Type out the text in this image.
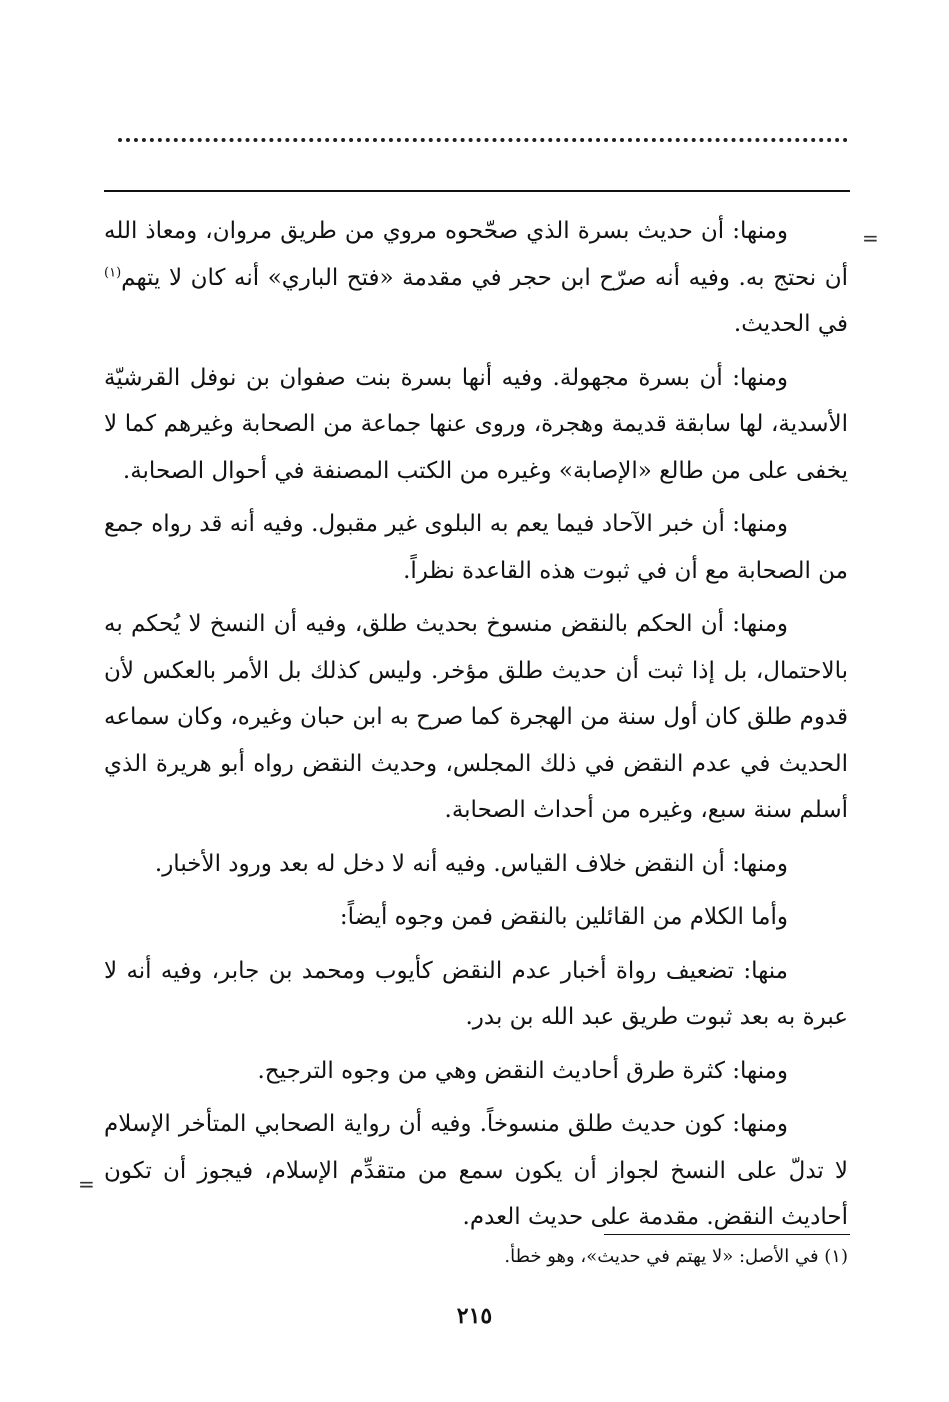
=

ومنها: أن حديث بسرة الذي صحّحوه مروي من طريق مروان، ومعاذ الله أن نحتج به. وفيه أنه صرّح ابن حجر في مقدمة «فتح الباري» أنه كان لا يتهم$^{(١)}$ في الحديث.

ومنها: أن بسرة مجهولة. وفيه أنها بسرة بنت صفوان بن نوفل القرشيّة الأسدية، لها سابقة قديمة وهجرة، وروى عنها جماعة من الصحابة وغيرهم كما لا يخفى على من طالع «الإصابة» وغيره من الكتب المصنفة في أحوال الصحابة.

ومنها: أن خبر الآحاد فيما يعم به البلوى غير مقبول. وفيه أنه قد رواه جمع من الصحابة مع أن في ثبوت هذه القاعدة نظراً.

ومنها: أن الحكم بالنقض منسوخ بحديث طلق، وفيه أن النسخ لا يُحكم به بالاحتمال، بل إذا ثبت أن حديث طلق مؤخر. وليس كذلك بل الأمر بالعكس لأن قدوم طلق كان أول سنة من الهجرة كما صرح به ابن حبان وغيره، وكان سماعه الحديث في عدم النقض في ذلك المجلس، وحديث النقض رواه أبو هريرة الذي أسلم سنة سبع، وغيره من أحداث الصحابة.

ومنها: أن النقض خلاف القياس. وفيه أنه لا دخل له بعد ورود الأخبار.

وأما الكلام من القائلين بالنقض فمن وجوه أيضاً:

منها: تضعيف رواة أخبار عدم النقض كأيوب ومحمد بن جابر، وفيه أنه لا عبرة به بعد ثبوت طريق عبد الله بن بدر.

ومنها: كثرة طرق أحاديث النقض وهي من وجوه الترجيح.

ومنها: كون حديث طلق منسوخاً. وفيه أن رواية الصحابي المتأخر الإسلام لا تدلّ على النسخ لجواز أن يكون سمع من متقدِّم الإسلام، فيجوز أن تكون أحاديث النقض. مقدمة على حديث العدم.

=
(١) في الأصل: «لا يهتم في حديث»، وهو خطأ.
٢١٥
